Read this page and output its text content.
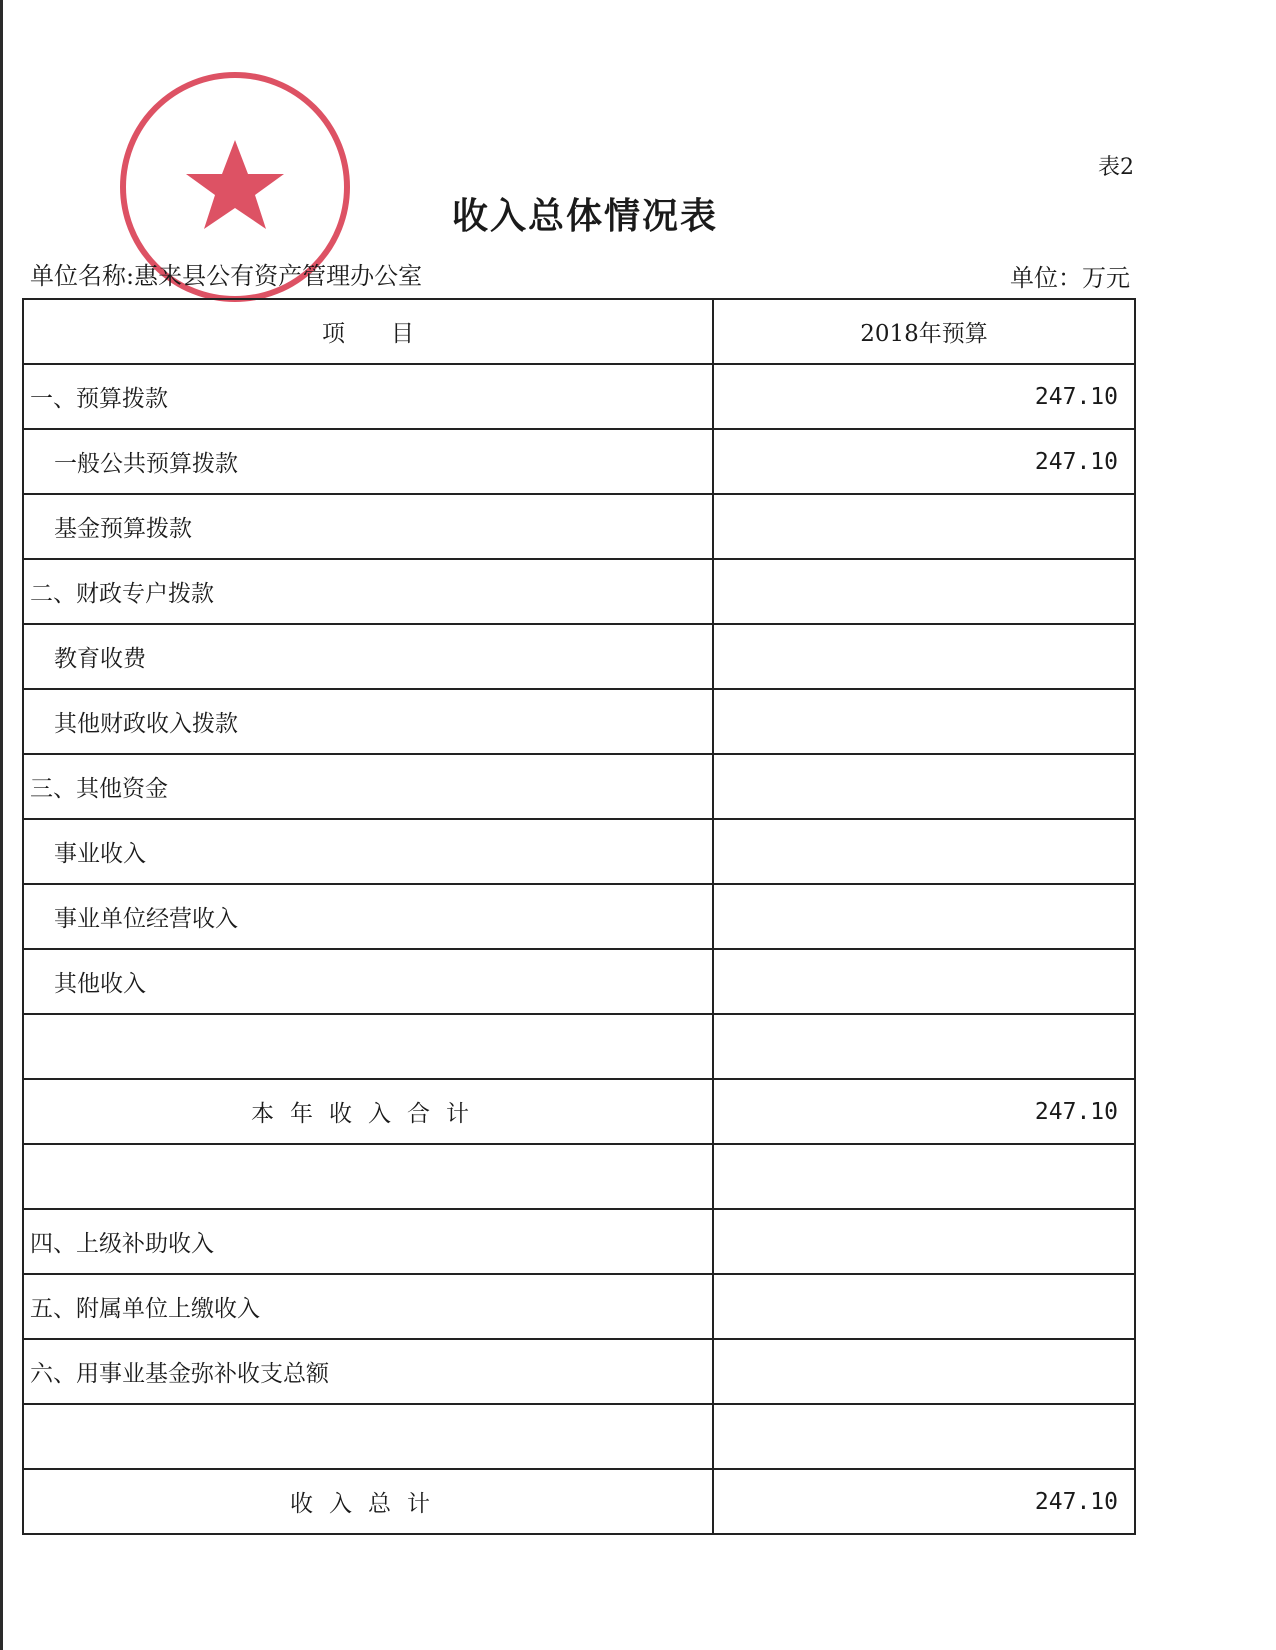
表2
收入总体情况表
单位名称:惠来县公有资产管理办公室	单位：万元
项　　目	2018年预算
一、预算拨款	247.10
一般公共预算拨款	247.10
基金预算拨款	
二、财政专户拨款	
教育收费	
其他财政收入拨款	
三、其他资金	
事业收入	
事业单位经营收入	
其他收入	

本年收入合计	247.10

四、上级补助收入	
五、附属单位上缴收入	
六、用事业基金弥补收支总额	

收入总计	247.10
